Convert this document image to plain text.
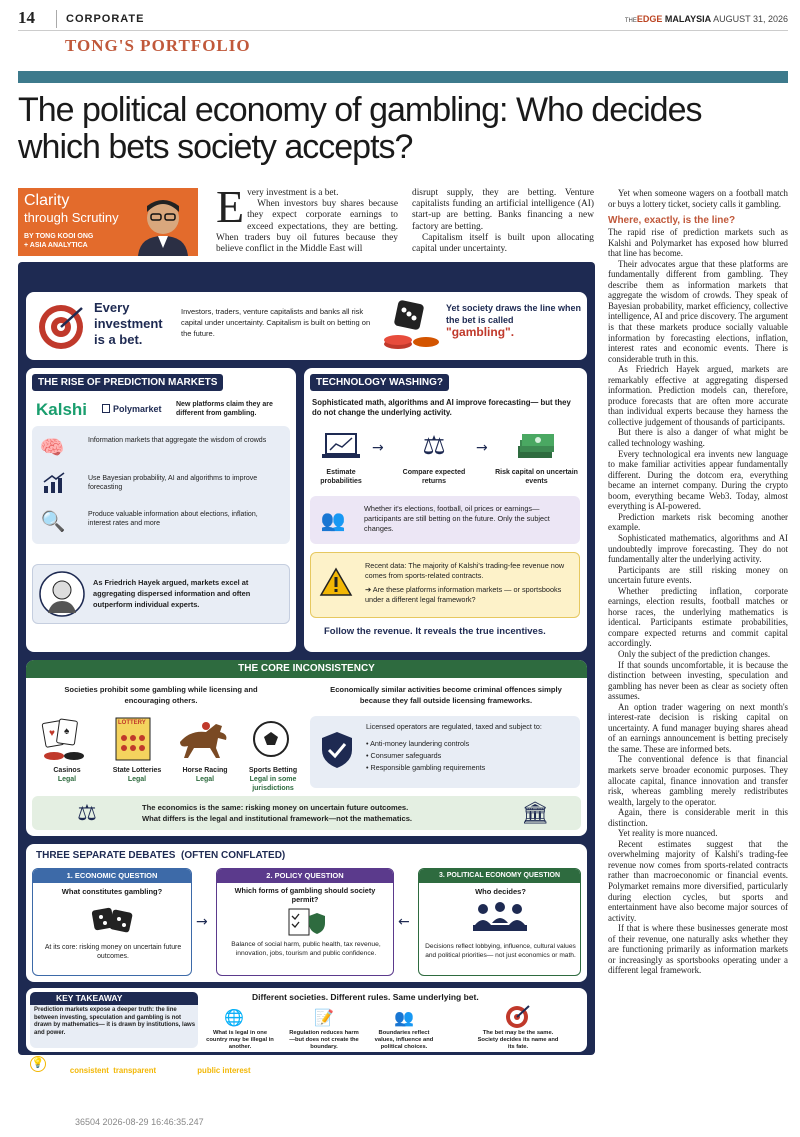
14	CORPORATE	THEEDGE MALAYSIA AUGUST 31, 2026
TONG'S PORTFOLIO
The political economy of gambling: Who decides which bets society accepts?
Clarity
through Scrutiny
BY TONG KOOI ONG
+ ASIA ANALYTICA
Every investment is a bet.

When investors buy shares because they expect corporate earnings to exceed expectations, they are betting. When traders buy oil futures because they believe conflict in the Middle East will

disrupt supply, they are betting. Venture capitalists funding an artificial intelligence (AI) start-up are betting. Banks financing a new factory are betting.

Capitalism itself is built upon allocating capital under uncertainty.

Yet when someone wagers on a football match or buys a lottery ticket, society calls it gambling.

Where, exactly, is the line?

The rapid rise of prediction markets such as Kalshi and Polymarket has exposed how blurred that line has become.

Their advocates argue that these platforms are fundamentally different from gambling. They describe them as information markets that aggregate the wisdom of crowds. They speak of Bayesian probability, market efficiency, collective intelligence, AI and price discovery. The argument is that these markets produce socially valuable information by forecasting elections, inflation, interest rates and economic events. There is considerable truth in this.

As Friedrich Hayek argued, markets are remarkably effective at aggregating dispersed information. Prediction models can, therefore, produce forecasts that are often more accurate than individual experts because they harness the collective judgement of thousands of participants.

But there is also a danger of what might be called technology washing.

Every technological era invents new language to make familiar activities appear fundamentally different. During the dotcom era, everything became an internet company. During the crypto boom, everything became Web3. Today, almost everything is AI-powered.

Prediction markets risk becoming another example.

Sophisticated mathematics, algorithms and AI undoubtedly improve forecasting. They do not fundamentally alter the underlying activity.

Participants are still risking money on uncertain future events.

Whether predicting inflation, corporate earnings, election results, football matches or horse races, the underlying mathematics is identical. Participants estimate probabilities, compare expected returns and commit capital accordingly.

Only the subject of the prediction changes.

If that sounds uncomfortable, it is because the distinction between investing, speculation and gambling has never been as clear as society often assumes.

An option trader wagering on next month's interest-rate decision is risking capital on uncertainty. A fund manager buying shares ahead of an earnings announcement is betting precisely the same. These are informed bets.

The conventional defence is that financial markets serve broader economic purposes. They allocate capital, finance innovation and transfer risk, whereas gambling merely redistributes wealth, largely to the operator.

Again, there is considerable merit in this distinction.

Yet reality is more nuanced.

Recent estimates suggest that the overwhelming majority of Kalshi's trading-fee revenue now comes from sports-related contracts rather than macroeconomic or financial events. Polymarket remains more diversified, particularly during election cycles, but sports and entertainment have also become major sources of activity.

If that is where these businesses generate most of their revenue, one naturally asks whether they are functioning primarily as information markets or increasingly as sportsbooks operating under a different legal framework.

Every investment is a bet.
Investors, traders, venture capitalists and banks all risk capital under uncertainty. Capitalism is built on betting on the future.
Yet society draws the line when the bet is called
"gambling".
THE RISE OF PREDICTION MARKETS
Kalshi	Polymarket New platforms claim they are different from gambling.
🧠	Information markets that aggregate the wisdom of crowds
Use Bayesian probability, AI and algorithms to improve forecasting
🔍	Produce valuable information about elections, inflation, interest rates and more
As Friedrich Hayek argued, markets excel at aggregating dispersed information and often outperform individual experts.
TECHNOLOGY WASHING?
Sophisticated math, algorithms and AI improve forecasting— but they do not change the underlying activity.
→	⚖	→
Estimate probabilities
Compare expected returns
Risk capital on uncertain events
👥	Whether it's elections, football, oil prices or earnings—participants are still betting on the future. Only the subject changes.
Recent data: The majority of Kalshi's trading-fee revenue now comes from sports-related contracts.
➔ Are these platforms information markets — or sportsbooks under a different legal framework?
Follow the revenue. It reveals the true incentives.
THE CORE INCONSISTENCY
Societies prohibit some gambling while licensing and encouraging others.
Economically similar activities become criminal offences simply because they fall outside licensing frameworks.
♥ ♠
LOTTERY
Casinos
Legal
State Lotteries
Legal
Horse Racing
Legal
Sports Betting
Legal in some jurisdictions
Licensed operators are regulated, taxed and subject to:
• Anti-money laundering controls
• Consumer safeguards
• Responsible gambling requirements
⚖	The economics is the same: risking money on uncertain future outcomes.
What differs is the legal and institutional framework—not the mathematics.	🏛
THREE SEPARATE DEBATES  (OFTEN CONFLATED)
1. ECONOMIC QUESTION
What constitutes gambling?
At its core: risking money on uncertain future outcomes.
→
2. POLICY QUESTION
Which forms of gambling should society permit?
Balance of social harm, public health, tax revenue, innovation, jobs, tourism and public confidence.
←
3. POLITICAL ECONOMY QUESTION
Who decides?
Decisions reflect lobbying, influence, cultural values and political priorities— not just economics or math.
KEY TAKEAWAY
Prediction markets expose a deeper truth: the line between investing, speculation and gambling is not drawn by mathematics— it is drawn by institutions, laws and power.
Different societies. Different rules. Same underlying bet.
🌐
What is legal in one country may be illegal in another.
📝
Regulation reduces harm—but does not create the boundary.
👥
Boundaries reflect values, influence and political choices.
The bet may be the same. Society decides its name and its fate.
💡 Prediction markets are not inherently good or bad. The real question is not whether they are gambling, but whether the rules governing them are consistent, transparent and in the public interest.
36504 2026-08-29 16:46:35.247
